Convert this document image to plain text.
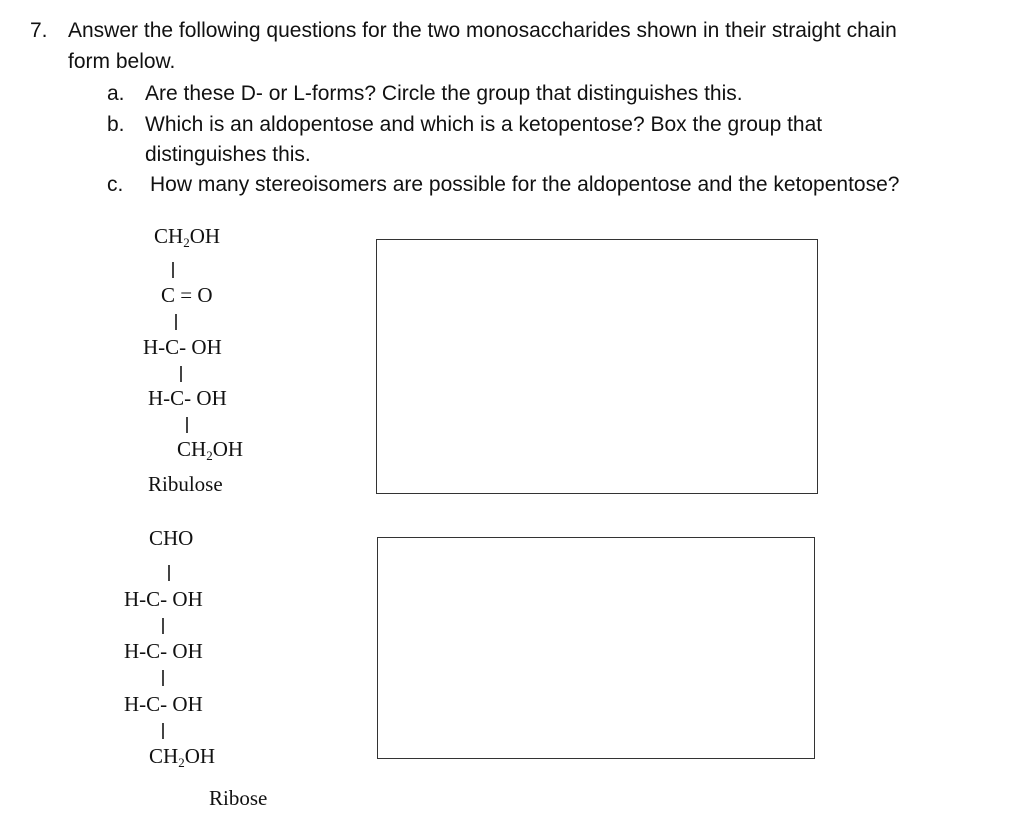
7. Answer the following questions for the two monosaccharides shown in their straight chain
form below.
a. Are these D- or L-forms? Circle the group that distinguishes this.
b. Which is an aldopentose and which is a ketopentose? Box the group that
distinguishes this.
c. How many stereoisomers are possible for the aldopentose and the ketopentose?
$CH_2OH$
C = O
H-C- OH
H-C- OH
$CH_2OH$
Ribulose
CHO
H-C- OH
H-C- OH
H-C- OH
$CH_2OH$
Ribose
